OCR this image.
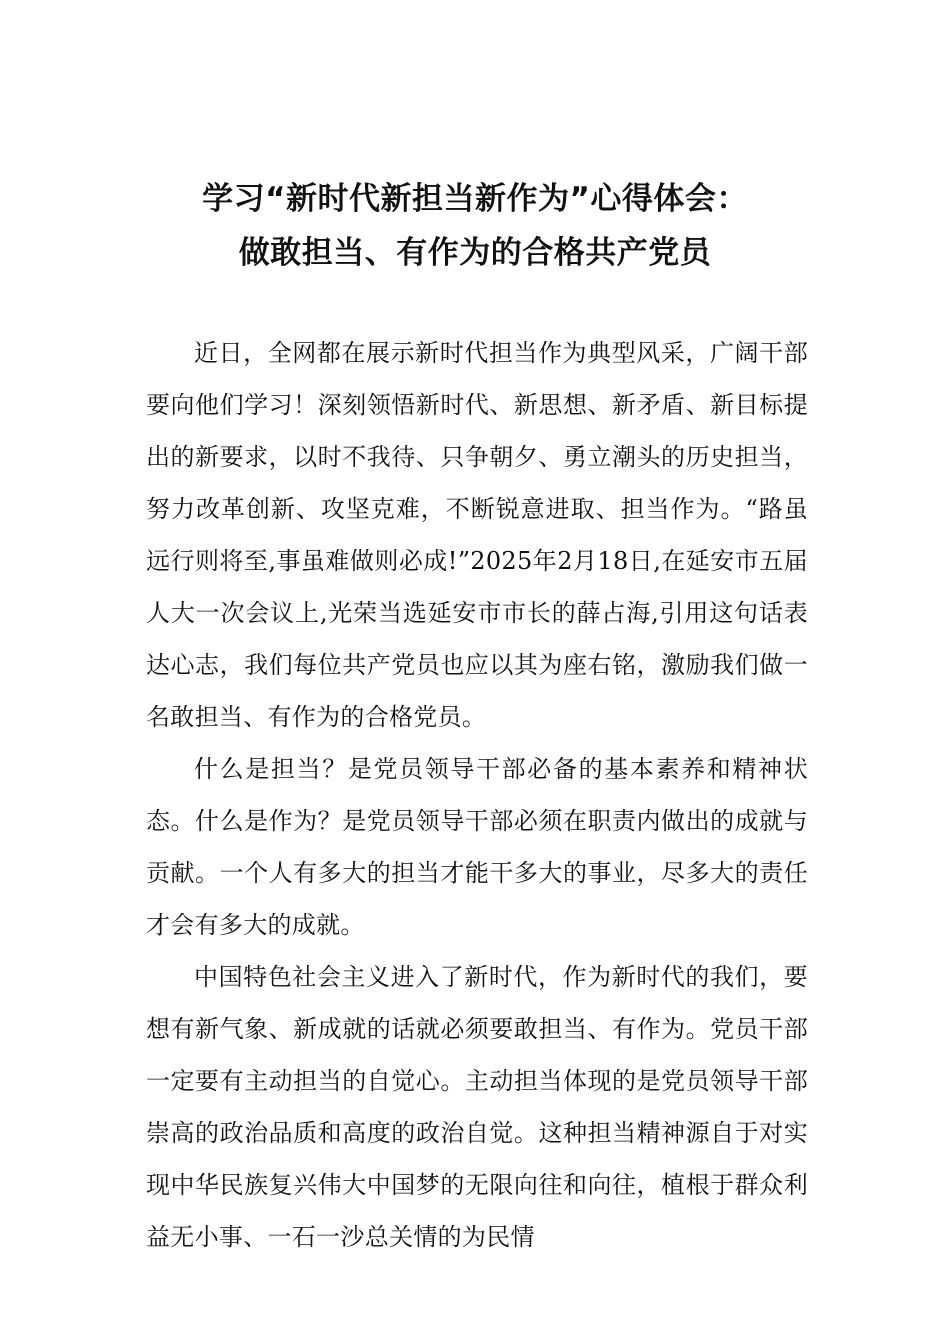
学习“新时代新担当新作为”心得体会：
做敢担当、有作为的合格共产党员

近日，全网都在展示新时代担当作为典型风采，广阔干部要向他们学习！深刻领悟新时代、新思想、新矛盾、新目标提出的新要求，以时不我待、只争朝夕、勇立潮头的历史担当，努力改革创新、攻坚克难，不断锐意进取、担当作为。“路虽远行则将至,事虽难做则必成!”2025年2月18日,在延安市五届人大一次会议上,光荣当选延安市市长的薛占海,引用这句话表达心志，我们每位共产党员也应以其为座右铭，激励我们做一名敢担当、有作为的合格党员。

什么是担当？是党员领导干部必备的基本素养和精神状态。什么是作为？是党员领导干部必须在职责内做出的成就与贡献。一个人有多大的担当才能干多大的事业，尽多大的责任才会有多大的成就。

中国特色社会主义进入了新时代，作为新时代的我们，要想有新气象、新成就的话就必须要敢担当、有作为。党员干部一定要有主动担当的自觉心。主动担当体现的是党员领导干部崇高的政治品质和高度的政治自觉。这种担当精神源自于对实现中华民族复兴伟大中国梦的无限向往和向往，植根于群众利益无小事、一石一沙总关情的为民情
